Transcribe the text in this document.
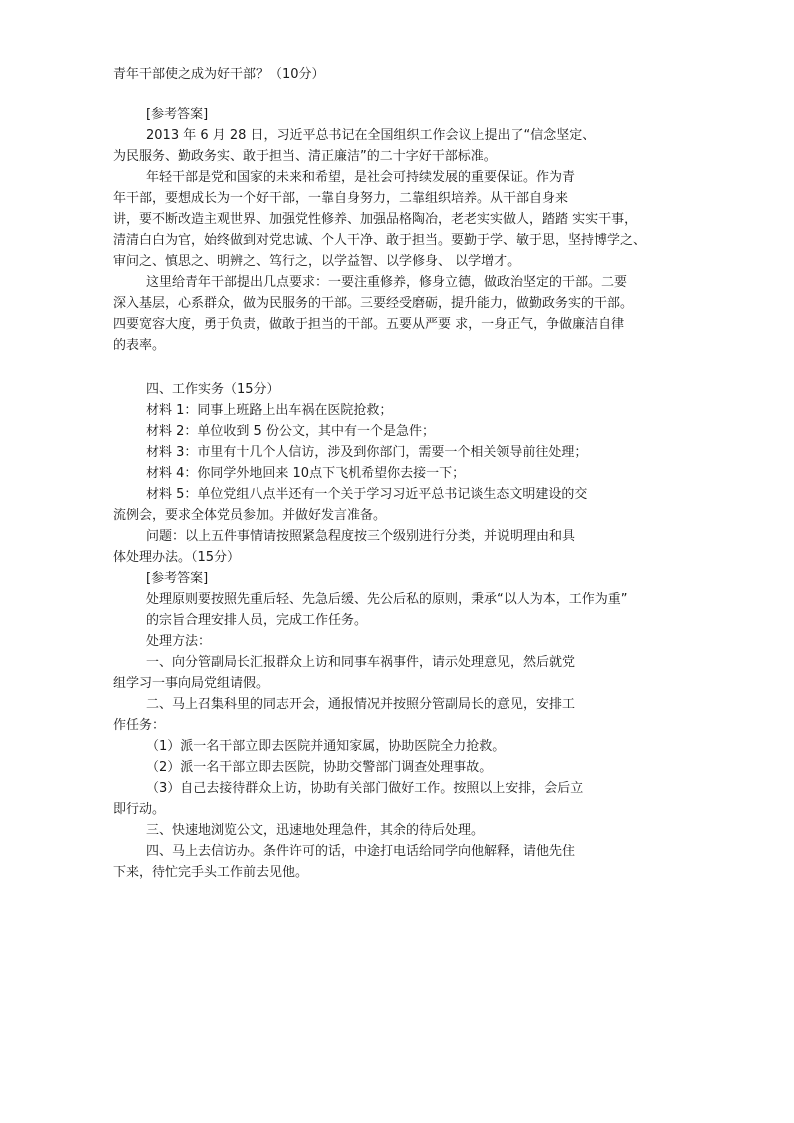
青年干部使之成为好干部？（10分）
[参考答案]
2013 年 6 月 28 日，习近平总书记在全国组织工作会议上提出了“信念坚定、
为民服务、勤政务实、敢于担当、清正廉洁”的二十字好干部标准。
年轻干部是党和国家的未来和希望，是社会可持续发展的重要保证。作为青
年干部，要想成长为一个好干部，一靠自身努力，二靠组织培养。从干部自身来
讲，要不断改造主观世界、加强党性修养、加强品格陶冶，老老实实做人，踏踏 实实干事，
清清白白为官，始终做到对党忠诚、个人干净、敢于担当。要勤于学、敏于思，坚持博学之、
审问之、慎思之、明辨之、笃行之，以学益智、以学修身、 以学增才。
这里给青年干部提出几点要求：一要注重修养，修身立德，做政治坚定的干部。二要
深入基层，心系群众，做为民服务的干部。三要经受磨砺，提升能力，做勤政务实的干部。
四要宽容大度，勇于负责，做敢于担当的干部。五要从严要 求，一身正气，争做廉洁自律
的表率。
四、工作实务（15分）
材料 1：同事上班路上出车祸在医院抢救；
材料 2：单位收到 5 份公文，其中有一个是急件；
材料 3：市里有十几个人信访，涉及到你部门，需要一个相关领导前往处理；
材料 4：你同学外地回来 10点下飞机希望你去接一下；
材料 5：单位党组八点半还有一个关于学习习近平总书记谈生态文明建设的交
流例会，要求全体党员参加。并做好发言准备。
问题：以上五件事情请按照紧急程度按三个级别进行分类，并说明理由和具
体处理办法。（15分）
[参考答案]
处理原则要按照先重后轻、先急后缓、先公后私的原则，秉承“以人为本，工作为重”
的宗旨合理安排人员，完成工作任务。
处理方法：
一、向分管副局长汇报群众上访和同事车祸事件，请示处理意见，然后就党
组学习一事向局党组请假。
二、马上召集科里的同志开会，通报情况并按照分管副局长的意见，安排工
作任务：
（1）派一名干部立即去医院并通知家属，协助医院全力抢救。
（2）派一名干部立即去医院，协助交警部门调查处理事故。
（3）自己去接待群众上访，协助有关部门做好工作。按照以上安排，会后立
即行动。
三、快速地浏览公文，迅速地处理急件，其余的待后处理。
四、马上去信访办。条件许可的话，中途打电话给同学向他解释，请他先住
下来，待忙完手头工作前去见他。
